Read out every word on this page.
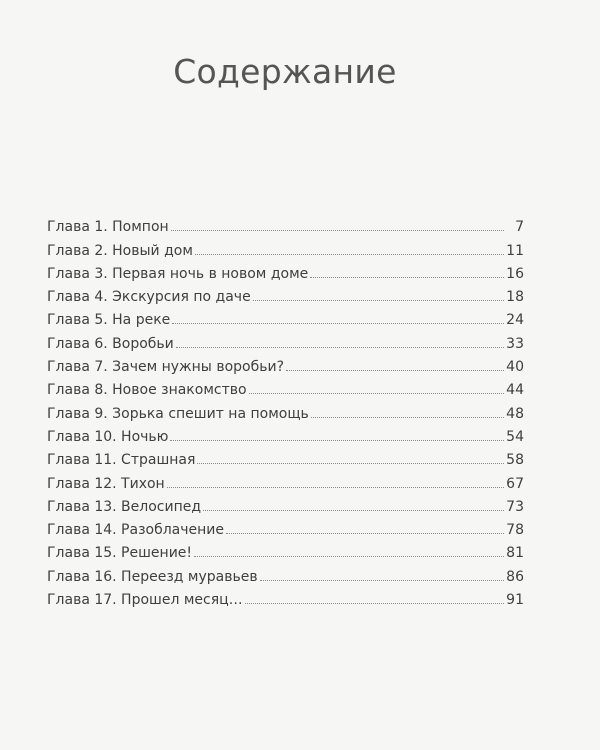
Содержание
Глава 1. Помпон	7
Глава 2. Новый дом	11
Глава 3. Первая ночь в новом доме	16
Глава 4. Экскурсия по даче	18
Глава 5. На реке	24
Глава 6. Воробьи	33
Глава 7. Зачем нужны воробьи?	40
Глава 8. Новое знакомство	44
Глава 9. Зорька спешит на помощь	48
Глава 10. Ночью	54
Глава 11. Страшная	58
Глава 12. Тихон	67
Глава 13. Велосипед	73
Глава 14. Разоблачение	78
Глава 15. Решение!	81
Глава 16. Переезд муравьев	86
Глава 17. Прошел месяц…	91
